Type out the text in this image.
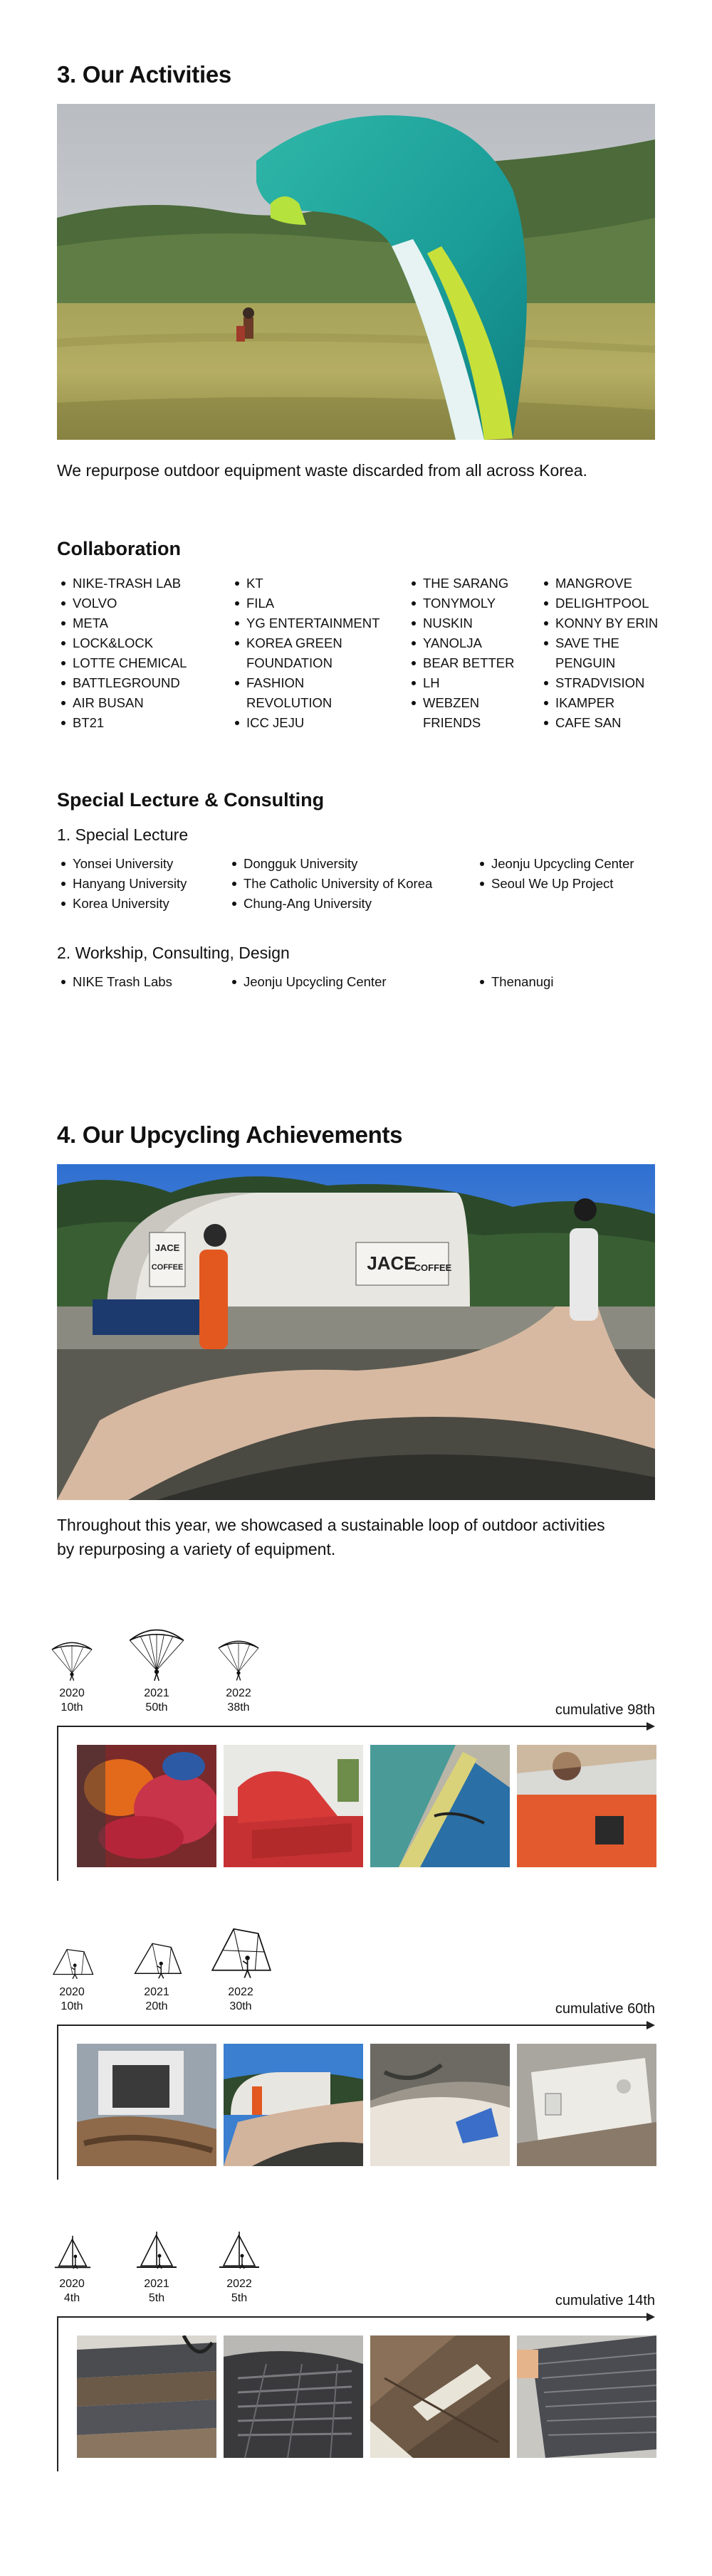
3. Our Activities

We repurpose outdoor equipment waste discarded from all across Korea.

Collaboration
NIKE-TRASH LAB
VOLVO
META
LOCK&LOCK
LOTTE CHEMICAL
BATTLEGROUND
AIR BUSAN
BT21
KT
FILA
YG ENTERTAINMENT
KOREA GREEN FOUNDATION
FASHION REVOLUTION
ICC JEJU
THE SARANG
TONYMOLY
NUSKIN
YANOLJA
BEAR BETTER
LH
WEBZEN FRIENDS
MANGROVE
DELIGHTPOOL
KONNY BY ERIN
SAVE THE PENGUIN
STRADVISION
IKAMPER
CAFE SAN
Special Lecture & Consulting

1. Special Lecture

Yonsei University
Hanyang University
Korea University
Dongguk University
The Catholic University of Korea
Chung-Ang University
Jeonju Upcycling Center
Seoul We Up Project

2. Workship, Consulting, Design

NIKE Trash Labs	Jeonju Upcycling Center	Thenanugi
4. Our Upcycling Achievements
JACE
COFFEE	JACE
COFFEE

Throughout this year, we showcased a sustainable loop of outdoor activities by repurposing a variety of equipment.

2020
10th
2021
50th
2022
38th	cumulative 98th
2020
10th
2021
20th
2022
30th	cumulative 60th
2020
4th
2021
5th
2022
5th	cumulative 14th
